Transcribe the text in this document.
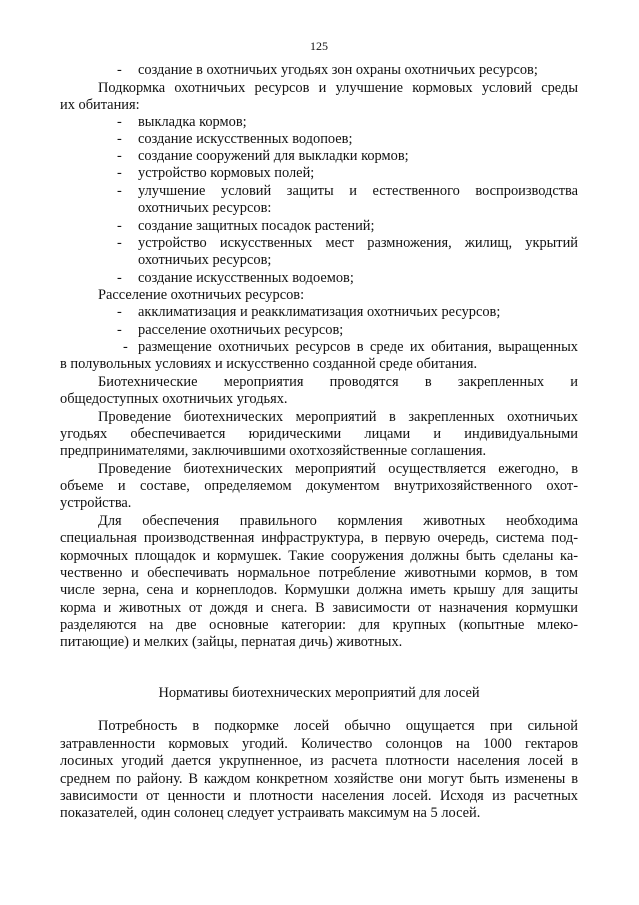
125
- создание в охотничьих угодьях зон охраны охотничьих ресурсов;
Подкормка охотничьих ресурсов и улучшение кормовых условий среды
их обитания:
- выкладка кормов;
- создание искусственных водопоев;
- создание сооружений для выкладки кормов;
- устройство кормовых полей;
- улучшение условий защиты и естественного воспроизводства
охотничьих ресурсов:
- создание защитных посадок растений;
- устройство искусственных мест размножения, жилищ, укрытий
охотничьих ресурсов;
- создание искусственных водоемов;
Расселение охотничьих ресурсов:
- акклиматизация и реакклиматизация охотничьих ресурсов;
- расселение охотничьих ресурсов;
- размещение охотничьих ресурсов в среде их обитания, выращенных
в полувольных условиях и искусственно созданной среде обитания.
Биотехнические мероприятия проводятся в закрепленных и
общедоступных охотничьих угодьях.
Проведение биотехнических мероприятий в закрепленных охотничьих
угодьях обеспечивается юридическими лицами и индивидуальными
предпринимателями, заключившими охотхозяйственные соглашения.
Проведение биотехнических мероприятий осуществляется ежегодно, в
объеме и составе, определяемом документом внутрихозяйственного охот-
устройства.
Для обеспечения правильного кормления животных необходима
специальная производственная инфраструктура, в первую очередь, система под-
кормочных площадок и кормушек. Такие сооружения должны быть сделаны ка-
чественно и обеспечивать нормальное потребление животными кормов, в том
числе зерна, сена и корнеплодов. Кормушки должна иметь крышу для защиты
корма и животных от дождя и снега. В зависимости от назначения кормушки
разделяются на две основные категории: для крупных (копытные млеко-
питающие) и мелких (зайцы, пернатая дичь) животных.
Нормативы биотехнических мероприятий для лосей
Потребность в подкормке лосей обычно ощущается при сильной
затравленности кормовых угодий. Количество солонцов на 1000 гектаров
лосиных угодий дается укрупненное, из расчета плотности населения лосей в
среднем по району. В каждом конкретном хозяйстве они могут быть изменены в
зависимости от ценности и плотности населения лосей. Исходя из расчетных
показателей, один солонец следует устраивать максимум на 5 лосей.
